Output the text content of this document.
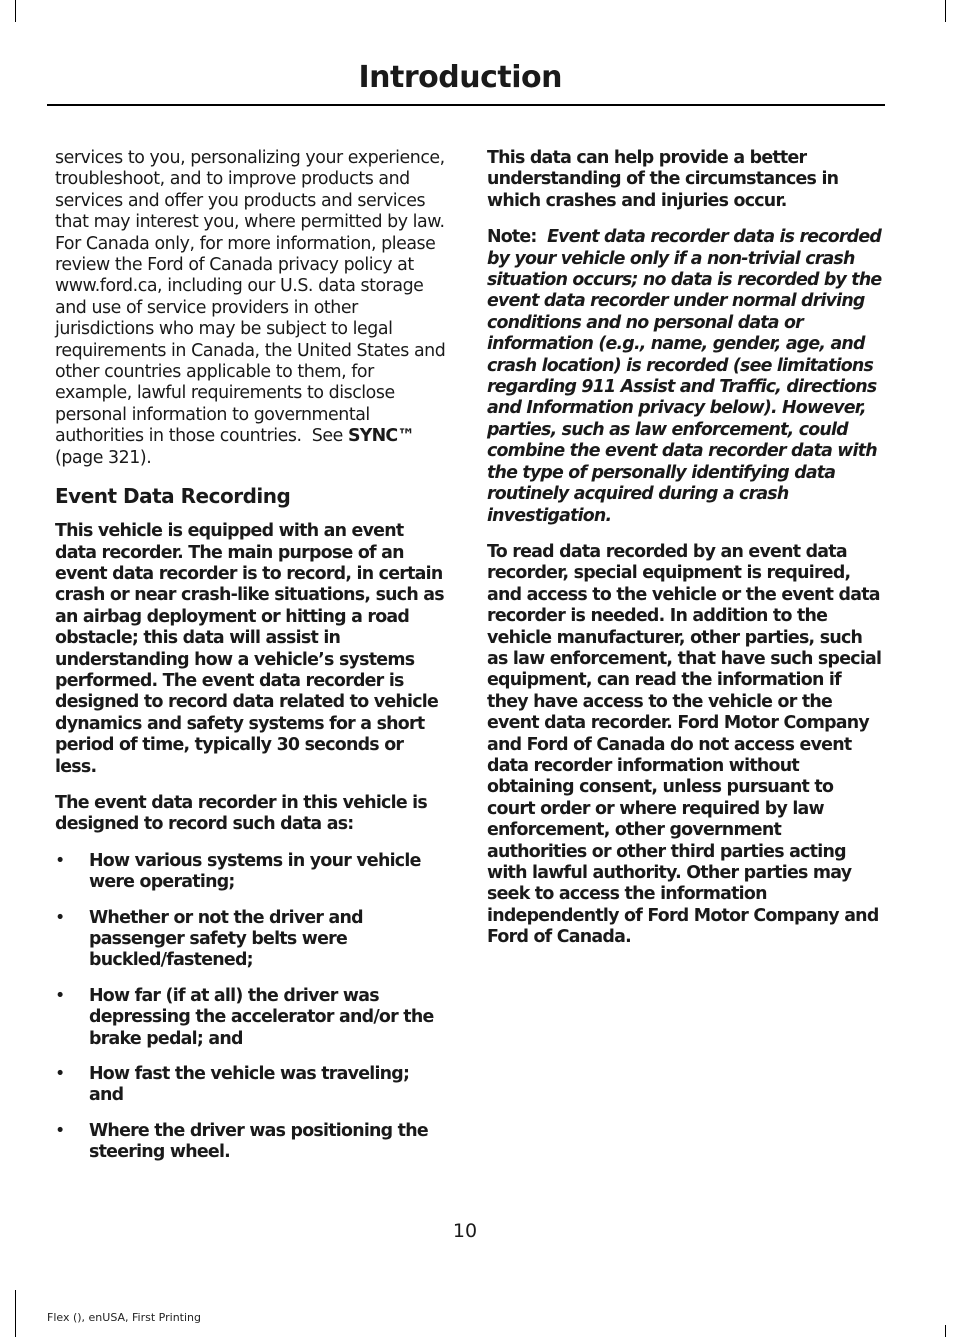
Introduction

services to you, personalizing your experience, troubleshoot, and to improve products and services and offer you products and services that may interest you, where permitted by law. For Canada only, for more information, please review the Ford of Canada privacy policy at www.ford.ca, including our U.S. data storage and use of service providers in other jurisdictions who may be subject to legal requirements in Canada, the United States and other countries applicable to them, for example, lawful requirements to disclose personal information to governmental authorities in those countries. See SYNC™ (page 321).

Event Data Recording

This vehicle is equipped with an event data recorder. The main purpose of an event data recorder is to record, in certain crash or near crash-like situations, such as an airbag deployment or hitting a road obstacle; this data will assist in understanding how a vehicle’s systems performed. The event data recorder is designed to record data related to vehicle dynamics and safety systems for a short period of time, typically 30 seconds or less.

The event data recorder in this vehicle is designed to record such data as:

• How various systems in your vehicle were operating;
• Whether or not the driver and passenger safety belts were buckled/fastened;
• How far (if at all) the driver was depressing the accelerator and/or the brake pedal; and
• How fast the vehicle was traveling; and
• Where the driver was positioning the steering wheel.

This data can help provide a better understanding of the circumstances in which crashes and injuries occur.

Note: Event data recorder data is recorded by your vehicle only if a non-trivial crash situation occurs; no data is recorded by the event data recorder under normal driving conditions and no personal data or information (e.g., name, gender, age, and crash location) is recorded (see limitations regarding 911 Assist and Traffic, directions and Information privacy below). However, parties, such as law enforcement, could combine the event data recorder data with the type of personally identifying data routinely acquired during a crash investigation.

To read data recorded by an event data recorder, special equipment is required, and access to the vehicle or the event data recorder is needed. In addition to the vehicle manufacturer, other parties, such as law enforcement, that have such special equipment, can read the information if they have access to the vehicle or the event data recorder. Ford Motor Company and Ford of Canada do not access event data recorder information without obtaining consent, unless pursuant to court order or where required by law enforcement, other government authorities or other third parties acting with lawful authority. Other parties may seek to access the information independently of Ford Motor Company and Ford of Canada.

10
Flex (), enUSA, First Printing
